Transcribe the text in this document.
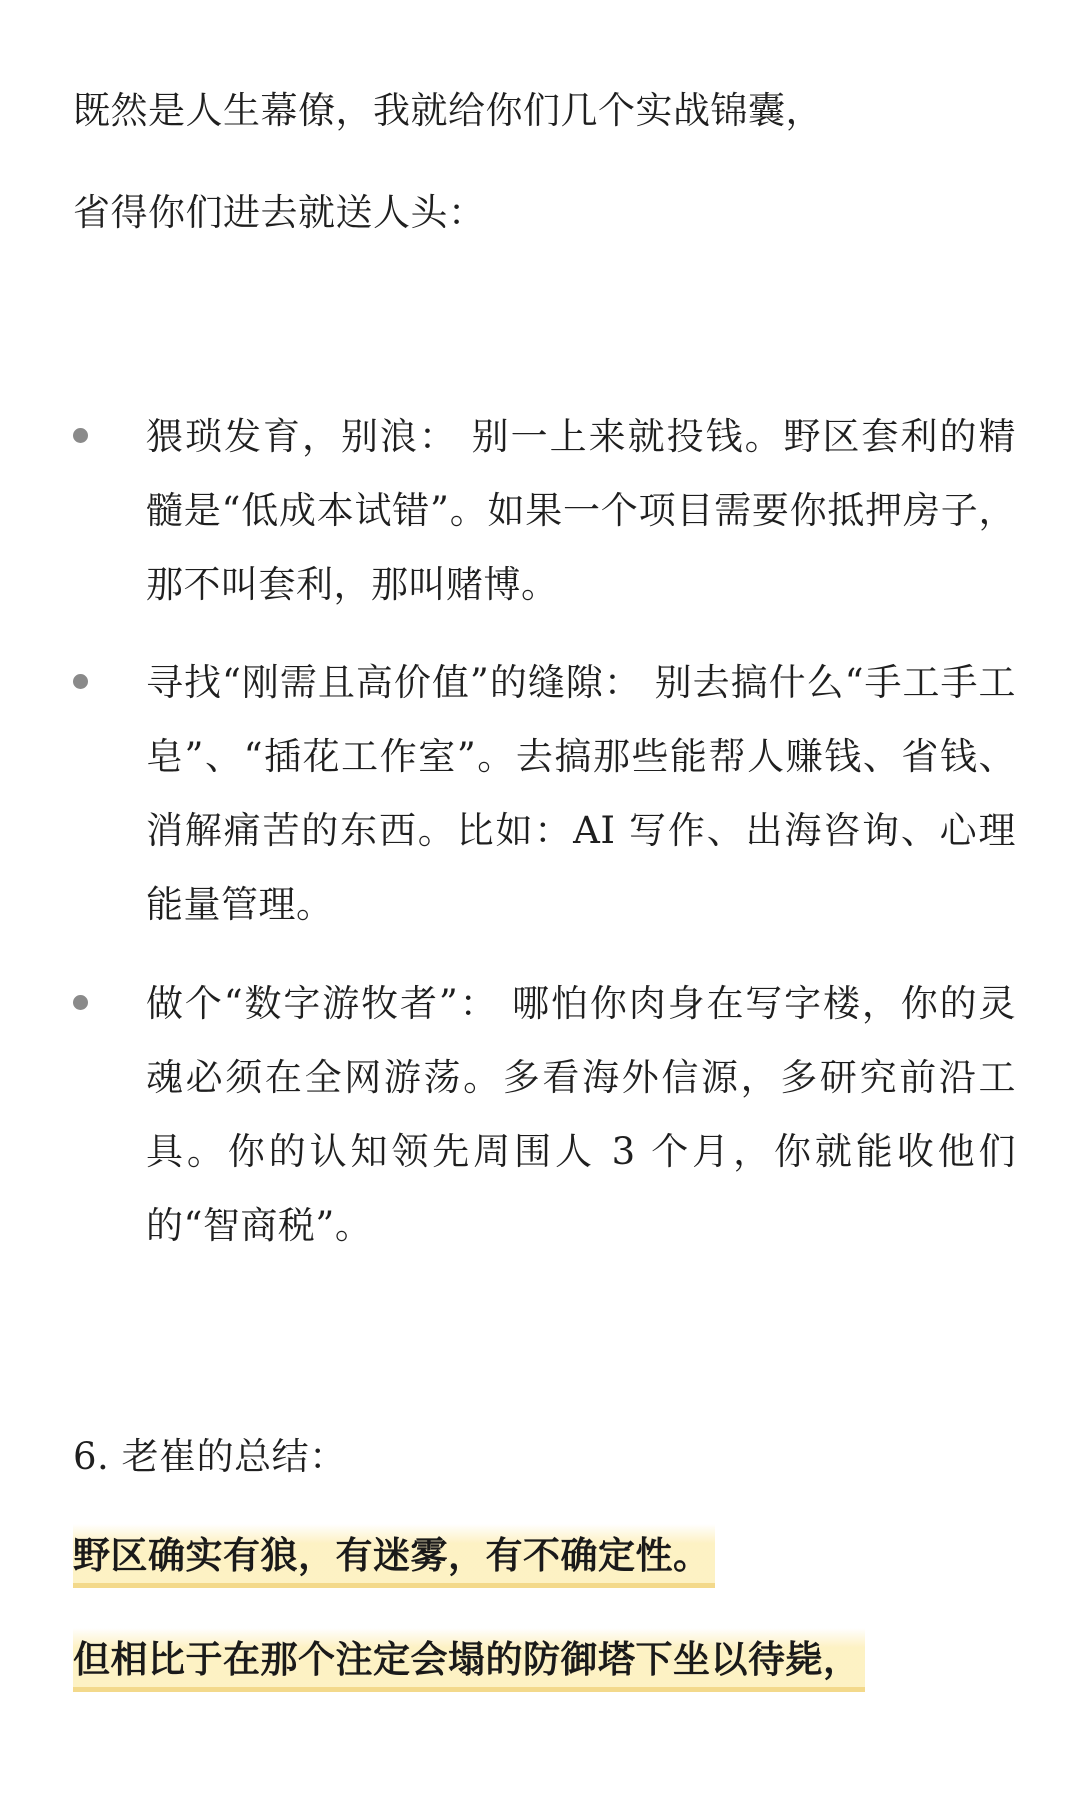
既然是人生幕僚，我就给你们几个实战锦囊，

省得你们进去就送人头：

猥琐发育，别浪： 别一上来就投钱。野区套利的精髓是“低成本试错”。如果一个项目需要你抵押房子，那不叫套利，那叫赌博。
寻找“刚需且高价值”的缝隙： 别去搞什么“手工手工皂”、“插花工作室”。去搞那些能帮人赚钱、省钱、消解痛苦的东西。比如：AI 写作、出海咨询、心理能量管理。
做个“数字游牧者”： 哪怕你肉身在写字楼，你的灵魂必须在全网游荡。多看海外信源，多研究前沿工具。你的认知领先周围人 3 个月，你就能收他们的“智商税”。
6. 老崔的总结：

野区确实有狼，有迷雾，有不确定性。

但相比于在那个注定会塌的防御塔下坐以待毙，
